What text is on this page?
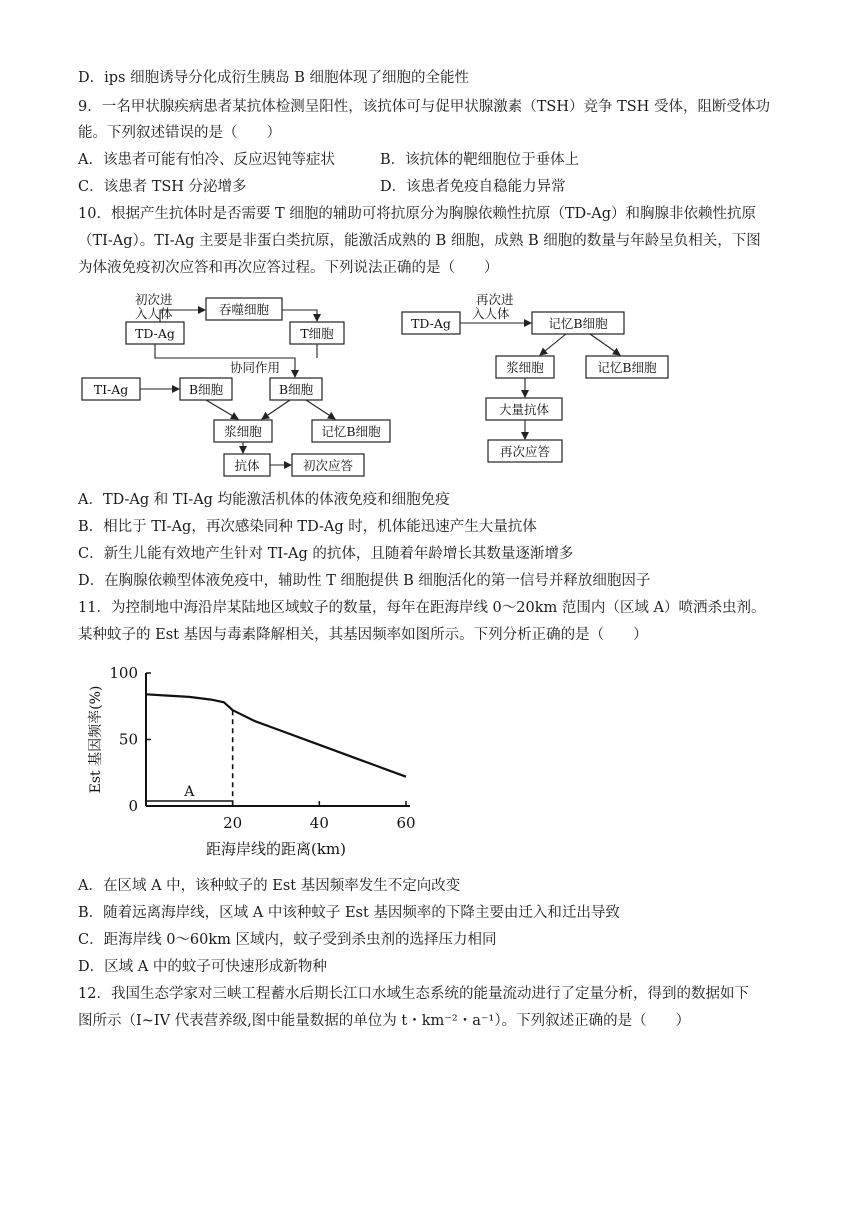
D．ips 细胞诱导分化成衍生胰岛 B 细胞体现了细胞的全能性
9．一名甲状腺疾病患者某抗体检测呈阳性，该抗体可与促甲状腺激素（TSH）竞争 TSH 受体，阻断受体功
能。下列叙述错误的是（　　）
A．该患者可能有怕冷、反应迟钝等症状	B．该抗体的靶细胞位于垂体上
C．该患者 TSH 分泌增多	D．该患者免疫自稳能力异常
10．根据产生抗体时是否需要 T 细胞的辅助可将抗原分为胸腺依赖性抗原（TD-Ag）和胸腺非依赖性抗原
（TI-Ag）。TI-Ag 主要是非蛋白类抗原，能激活成熟的 B 细胞，成熟 B 细胞的数量与年龄呈负相关，下图
为体液免疫初次应答和再次应答过程。下列说法正确的是（　　）
初次进
入人体	吞噬细胞
TD-Ag	T细胞
协同作用
TI-Ag	B细胞	B细胞
浆细胞	记忆B细胞
抗体	初次应答
再次进
入人体
TD-Ag	记忆B细胞
浆细胞	记忆B细胞
大量抗体
再次应答
A．TD-Ag 和 TI-Ag 均能激活机体的体液免疫和细胞免疫
B．相比于 TI-Ag，再次感染同种 TD-Ag 时，机体能迅速产生大量抗体
C．新生儿能有效地产生针对 TI-Ag 的抗体，且随着年龄增长其数量逐渐增多
D．在胸腺依赖型体液免疫中，辅助性 T 细胞提供 B 细胞活化的第一信号并释放细胞因子
11．为控制地中海沿岸某陆地区域蚊子的数量，每年在距海岸线 0～20km 范围内（区域 A）喷洒杀虫剂。
某种蚊子的 Est 基因与毒素降解相关，其基因频率如图所示。下列分析正确的是（　　）
0
50
100
20	40	60
A
Est 基因频率(%)
距海岸线的距离(km)
A．在区域 A 中，该种蚊子的 Est 基因频率发生不定向改变
B．随着远离海岸线，区域 A 中该种蚊子 Est 基因频率的下降主要由迁入和迁出导致
C．距海岸线 0～60km 区域内，蚊子受到杀虫剂的选择压力相同
D．区域 A 中的蚊子可快速形成新物种
12．我国生态学家对三峡工程蓄水后期长江口水域生态系统的能量流动进行了定量分析，得到的数据如下
图所示（I~IV 代表营养级,图中能量数据的单位为 t・km⁻²・a⁻¹）。下列叙述正确的是（　　）
